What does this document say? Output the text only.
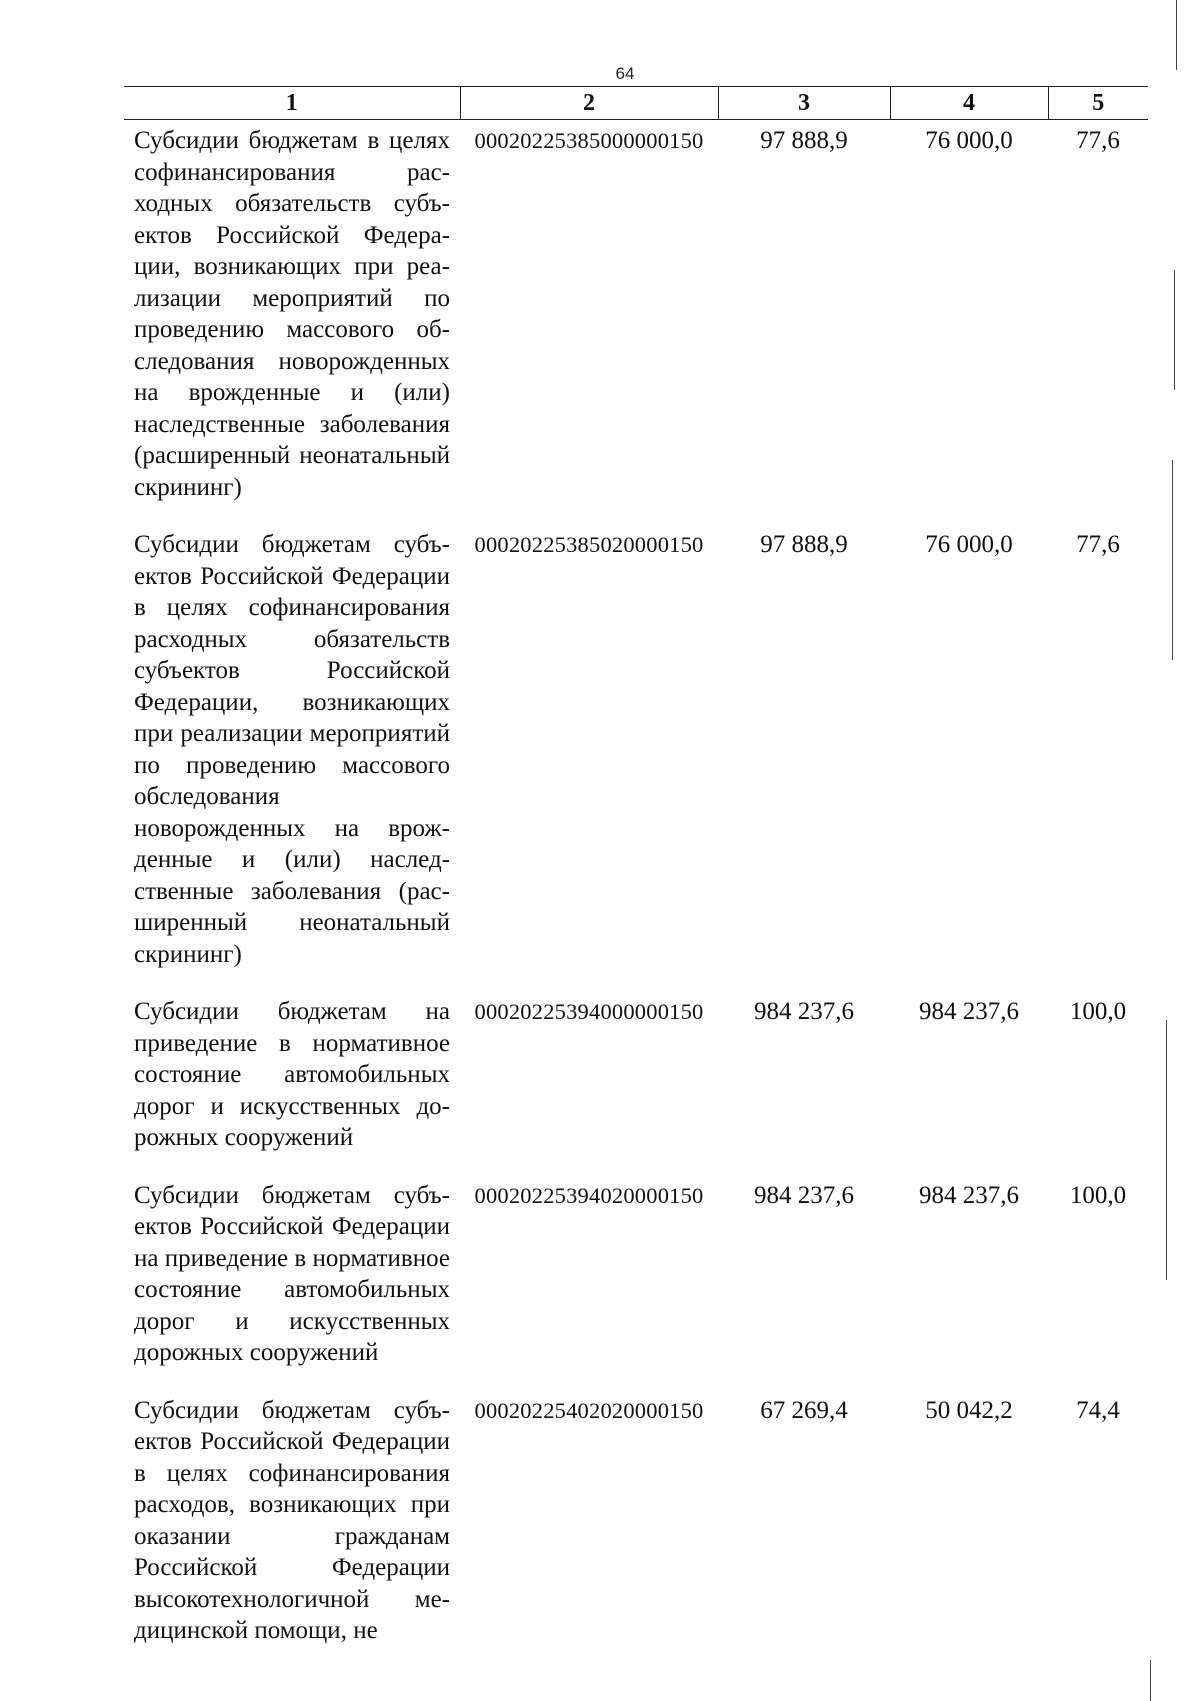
64
1	2	3	4	5
Субсидии бюджетам в целях софинансирования расходных обязательств субъектов Российской Федерации, возникающих при реализации мероприятий по проведению массового обследования новорожденных на врожденные и (или) наследственные заболевания (расширенный неонатальный скрининг)	00020225385000000150	97 888,9	76 000,0	77,6
Субсидии бюджетам субъектов Российской Федерации в целях софинансирования расходных обязательств субъектов Российской Федерации, возникающих при реализации мероприятий по проведению массового обследования новорожденных на врожденные и (или) наследственные заболевания (расширенный неонатальный скрининг)	00020225385020000150	97 888,9	76 000,0	77,6
Субсидии бюджетам на приведение в нормативное состояние автомобильных дорог и искусственных дорожных сооружений	00020225394000000150	984 237,6	984 237,6	100,0
Субсидии бюджетам субъектов Российской Федерации на приведение в нормативное состояние автомобильных дорог и искусственных дорожных сооружений	00020225394020000150	984 237,6	984 237,6	100,0
Субсидии бюджетам субъектов Российской Федерации в целях софинансирования расходов, возникающих при оказании гражданам Российской Федерации высокотехнологичной медицинской помощи, не	00020225402020000150	67 269,4	50 042,2	74,4
